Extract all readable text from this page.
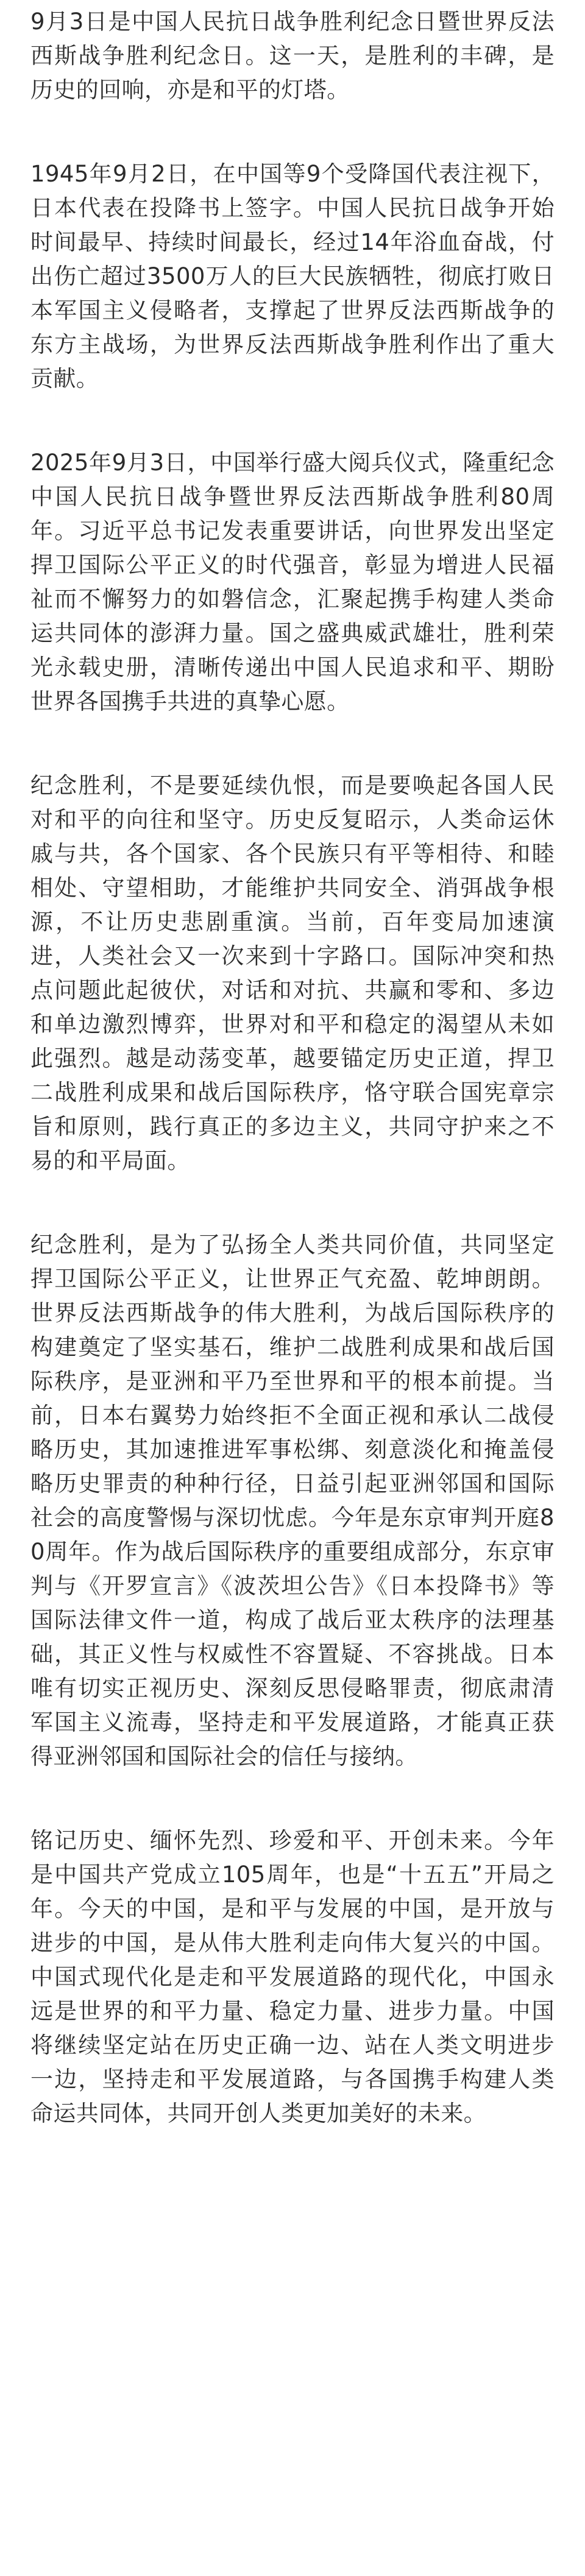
9月3日是中国人民抗日战争胜利纪念日暨世界反法西斯战争胜利纪念日。这一天，是胜利的丰碑，是历史的回响，亦是和平的灯塔。

1945年9月2日，在中国等9个受降国代表注视下，日本代表在投降书上签字。中国人民抗日战争开始时间最早、持续时间最长，经过14年浴血奋战，付出伤亡超过3500万人的巨大民族牺牲，彻底打败日本军国主义侵略者，支撑起了世界反法西斯战争的东方主战场，为世界反法西斯战争胜利作出了重大贡献。

2025年9月3日，中国举行盛大阅兵仪式，隆重纪念中国人民抗日战争暨世界反法西斯战争胜利80周年。习近平总书记发表重要讲话，向世界发出坚定捍卫国际公平正义的时代强音，彰显为增进人民福祉而不懈努力的如磐信念，汇聚起携手构建人类命运共同体的澎湃力量。国之盛典威武雄壮，胜利荣光永载史册，清晰传递出中国人民追求和平、期盼世界各国携手共进的真挚心愿。

纪念胜利，不是要延续仇恨，而是要唤起各国人民对和平的向往和坚守。历史反复昭示，人类命运休戚与共，各个国家、各个民族只有平等相待、和睦相处、守望相助，才能维护共同安全、消弭战争根源，不让历史悲剧重演。当前，百年变局加速演进，人类社会又一次来到十字路口。国际冲突和热点问题此起彼伏，对话和对抗、共赢和零和、多边和单边激烈博弈，世界对和平和稳定的渴望从未如此强烈。越是动荡变革，越要锚定历史正道，捍卫二战胜利成果和战后国际秩序，恪守联合国宪章宗旨和原则，践行真正的多边主义，共同守护来之不易的和平局面。

纪念胜利，是为了弘扬全人类共同价值，共同坚定捍卫国际公平正义，让世界正气充盈、乾坤朗朗。世界反法西斯战争的伟大胜利，为战后国际秩序的构建奠定了坚实基石，维护二战胜利成果和战后国际秩序，是亚洲和平乃至世界和平的根本前提。当前，日本右翼势力始终拒不全面正视和承认二战侵略历史，其加速推进军事松绑、刻意淡化和掩盖侵略历史罪责的种种行径，日益引起亚洲邻国和国际社会的高度警惕与深切忧虑。今年是东京审判开庭80周年。作为战后国际秩序的重要组成部分，东京审判与《开罗宣言》《波茨坦公告》《日本投降书》等国际法律文件一道，构成了战后亚太秩序的法理基础，其正义性与权威性不容置疑、不容挑战。日本唯有切实正视历史、深刻反思侵略罪责，彻底肃清军国主义流毒，坚持走和平发展道路，才能真正获得亚洲邻国和国际社会的信任与接纳。

铭记历史、缅怀先烈、珍爱和平、开创未来。今年是中国共产党成立105周年，也是“十五五”开局之年。今天的中国，是和平与发展的中国，是开放与进步的中国，是从伟大胜利走向伟大复兴的中国。中国式现代化是走和平发展道路的现代化，中国永远是世界的和平力量、稳定力量、进步力量。中国将继续坚定站在历史正确一边、站在人类文明进步一边，坚持走和平发展道路，与各国携手构建人类命运共同体，共同开创人类更加美好的未来。
